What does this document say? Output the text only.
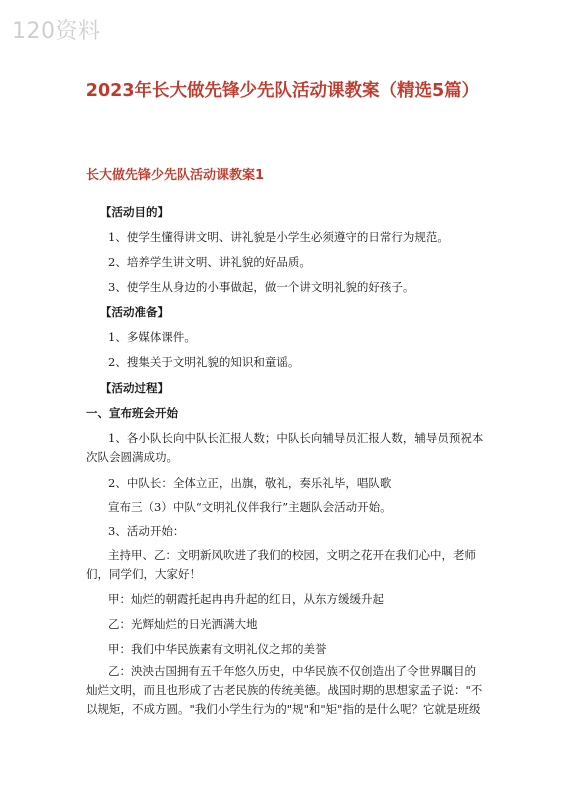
120资料
2023年长大做先锋少先队活动课教案（精选5篇）
长大做先锋少先队活动课教案1
【活动目的】
1、使学生懂得讲文明、讲礼貌是小学生必须遵守的日常行为规范。
2、培养学生讲文明、讲礼貌的好品质。
3、使学生从身边的小事做起，做一个讲文明礼貌的好孩子。
【活动准备】
1、多媒体课件。
2、搜集关于文明礼貌的知识和童谣。
【活动过程】
一、宣布班会开始
1、各小队长向中队长汇报人数；中队长向辅导员汇报人数，辅导员预祝本次队会圆满成功。
2、中队长：全体立正，出旗，敬礼，奏乐礼毕，唱队歌
宣布三（3）中队“文明礼仪伴我行”主题队会活动开始。
3、活动开始：
主持甲、乙：文明新风吹进了我们的校园，文明之花开在我们心中，老师们，同学们，大家好！
甲：灿烂的朝霞托起冉冉升起的红日，从东方缓缓升起
乙：光辉灿烂的日光洒满大地
甲：我们中华民族素有文明礼仪之邦的美誉
乙：泱泱古国拥有五千年悠久历史，中华民族不仅创造出了令世界瞩目的灿烂文明，而且也形成了古老民族的传统美德。战国时期的思想家孟子说："不以规矩，不成方圆。"我们小学生行为的"规"和"矩"指的是什么呢？它就是班级
